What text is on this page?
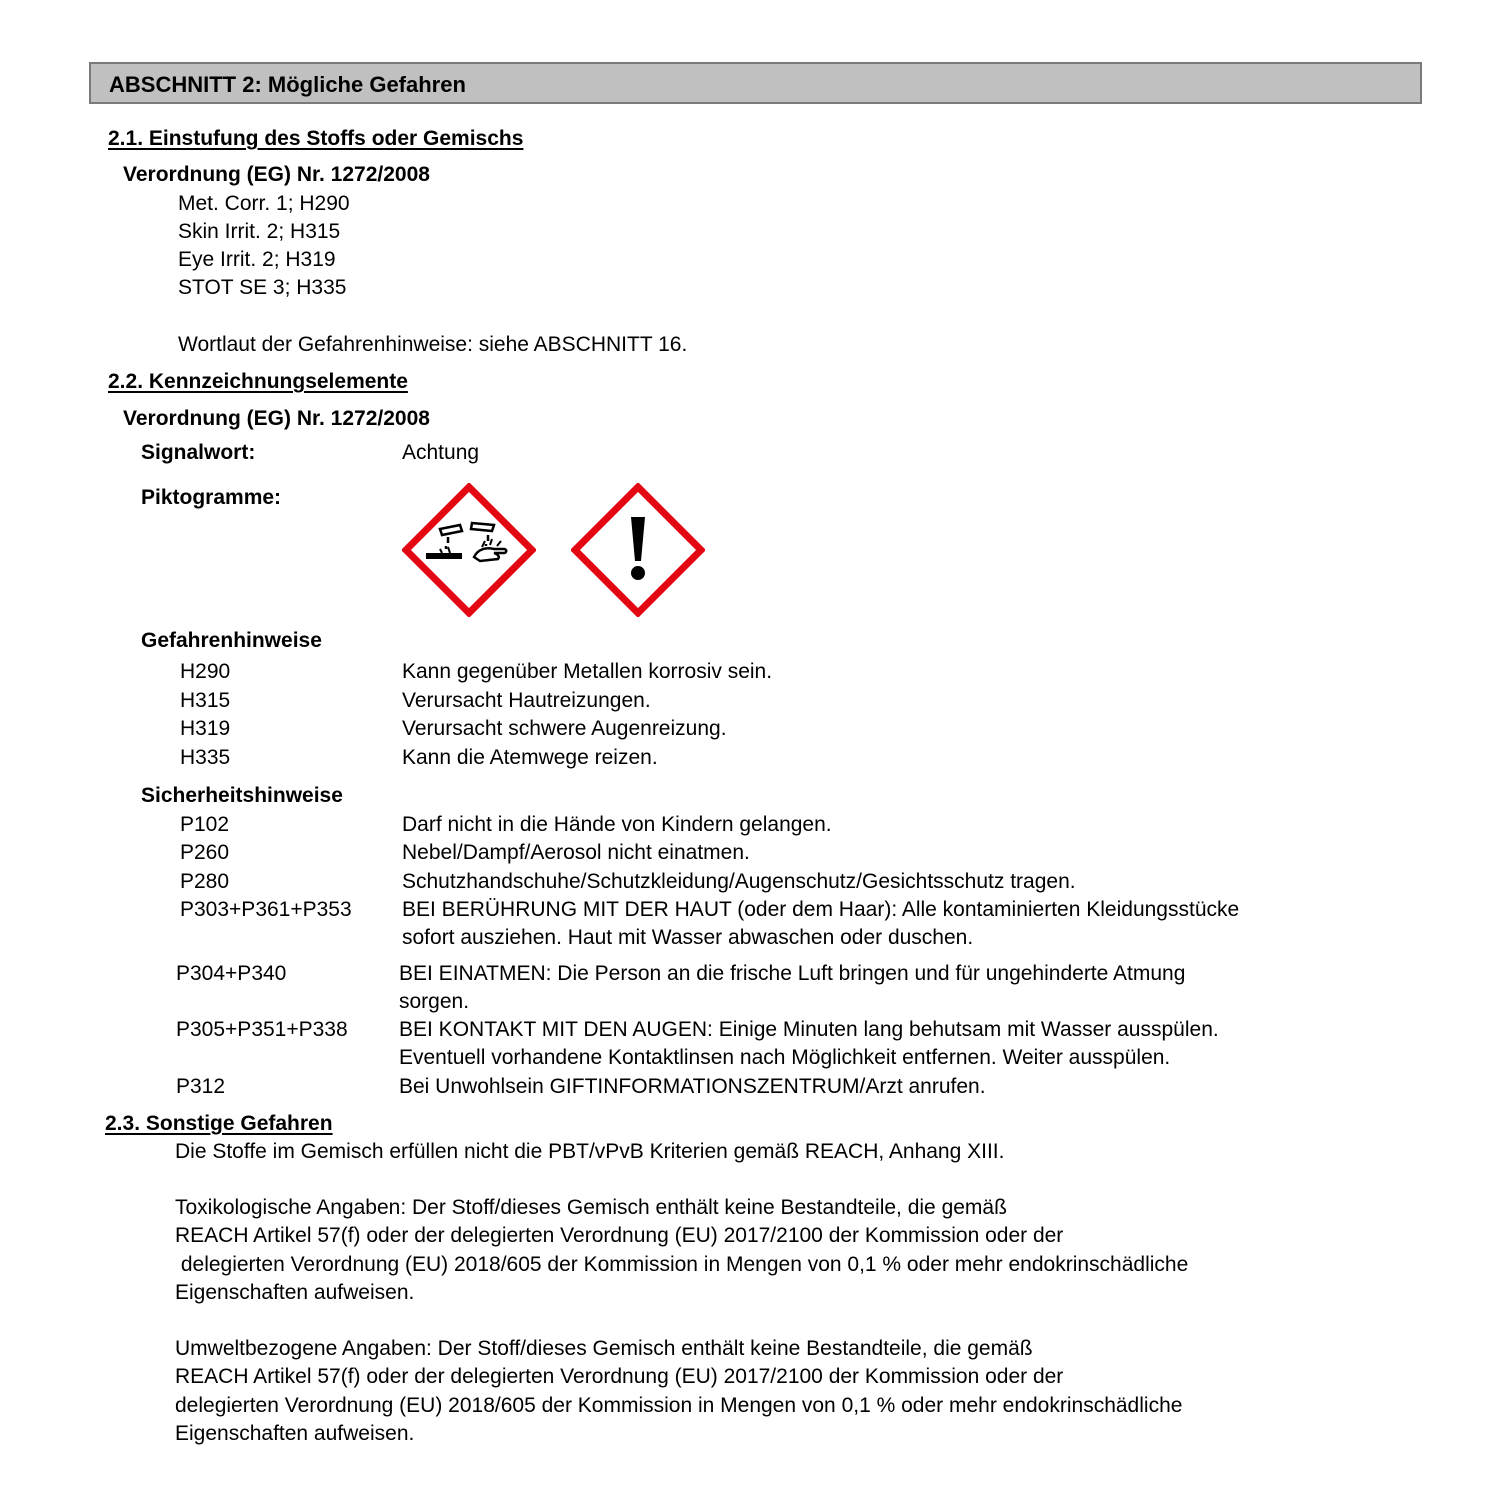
ABSCHNITT 2: Mögliche Gefahren
2.1. Einstufung des Stoffs oder Gemischs
Verordnung (EG) Nr. 1272/2008
Met. Corr. 1; H290
Skin Irrit. 2; H315
Eye Irrit. 2; H319
STOT SE 3; H335
Wortlaut der Gefahrenhinweise: siehe ABSCHNITT 16.
2.2. Kennzeichnungselemente
Verordnung (EG) Nr. 1272/2008
Signalwort:	Achtung
Piktogramme:
Gefahrenhinweise
H290	Kann gegenüber Metallen korrosiv sein.
H315	Verursacht Hautreizungen.
H319	Verursacht schwere Augenreizung.
H335	Kann die Atemwege reizen.
Sicherheitshinweise
P102	Darf nicht in die Hände von Kindern gelangen.
P260	Nebel/Dampf/Aerosol nicht einatmen.
P280	Schutzhandschuhe/Schutzkleidung/Augenschutz/Gesichtsschutz tragen.
P303+P361+P353 BEI BERÜHRUNG MIT DER HAUT (oder dem Haar): Alle kontaminierten Kleidungsstücke
sofort ausziehen. Haut mit Wasser abwaschen oder duschen.
P304+P340	BEI EINATMEN: Die Person an die frische Luft bringen und für ungehinderte Atmung
sorgen.
P305+P351+P338 BEI KONTAKT MIT DEN AUGEN: Einige Minuten lang behutsam mit Wasser ausspülen.
Eventuell vorhandene Kontaktlinsen nach Möglichkeit entfernen. Weiter ausspülen.
P312	Bei Unwohlsein GIFTINFORMATIONSZENTRUM/Arzt anrufen.
2.3. Sonstige Gefahren
Die Stoffe im Gemisch erfüllen nicht die PBT/vPvB Kriterien gemäß REACH, Anhang XIII.
Toxikologische Angaben: Der Stoff/dieses Gemisch enthält keine Bestandteile, die gemäß
REACH Artikel 57(f) oder der delegierten Verordnung (EU) 2017/2100 der Kommission oder der
delegierten Verordnung (EU) 2018/605 der Kommission in Mengen von 0,1 % oder mehr endokrinschädliche
Eigenschaften aufweisen.
Umweltbezogene Angaben: Der Stoff/dieses Gemisch enthält keine Bestandteile, die gemäß
REACH Artikel 57(f) oder der delegierten Verordnung (EU) 2017/2100 der Kommission oder der
delegierten Verordnung (EU) 2018/605 der Kommission in Mengen von 0,1 % oder mehr endokrinschädliche
Eigenschaften aufweisen.
